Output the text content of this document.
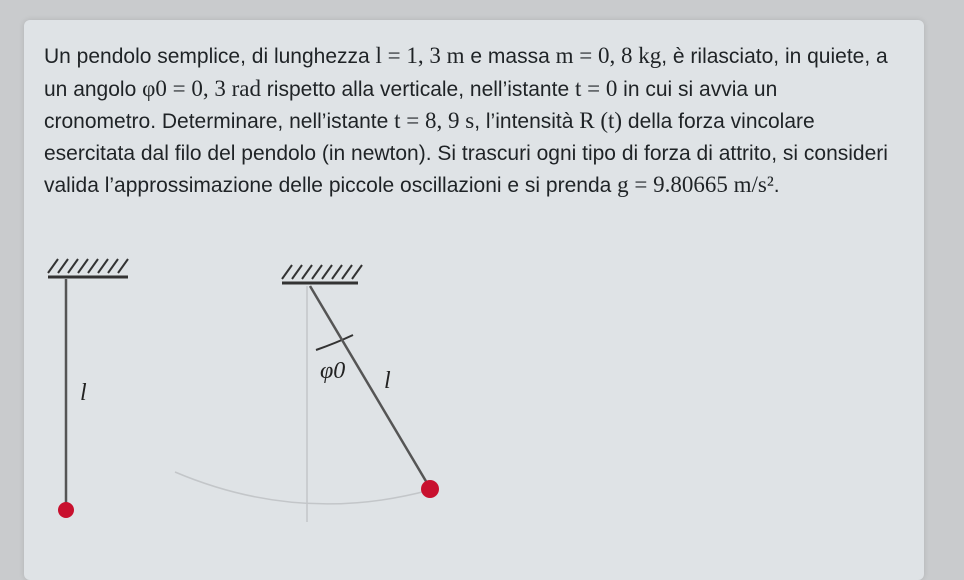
Un pendolo semplice, di lunghezza l = 1, 3 m e massa m = 0, 8 kg, è rilasciato, in quiete, a un angolo φ0 = 0, 3 rad rispetto alla verticale, nell’istante t = 0 in cui si avvia un cronometro. Determinare, nell’istante t = 8, 9 s, l’intensità R (t) della forza vincolare esercitata dal filo del pendolo (in newton). Si trascuri ogni tipo di forza di attrito, si consideri valida l’approssimazione delle piccole oscillazioni e si prenda g = 9.80665 m/s².

l
φ0 l
